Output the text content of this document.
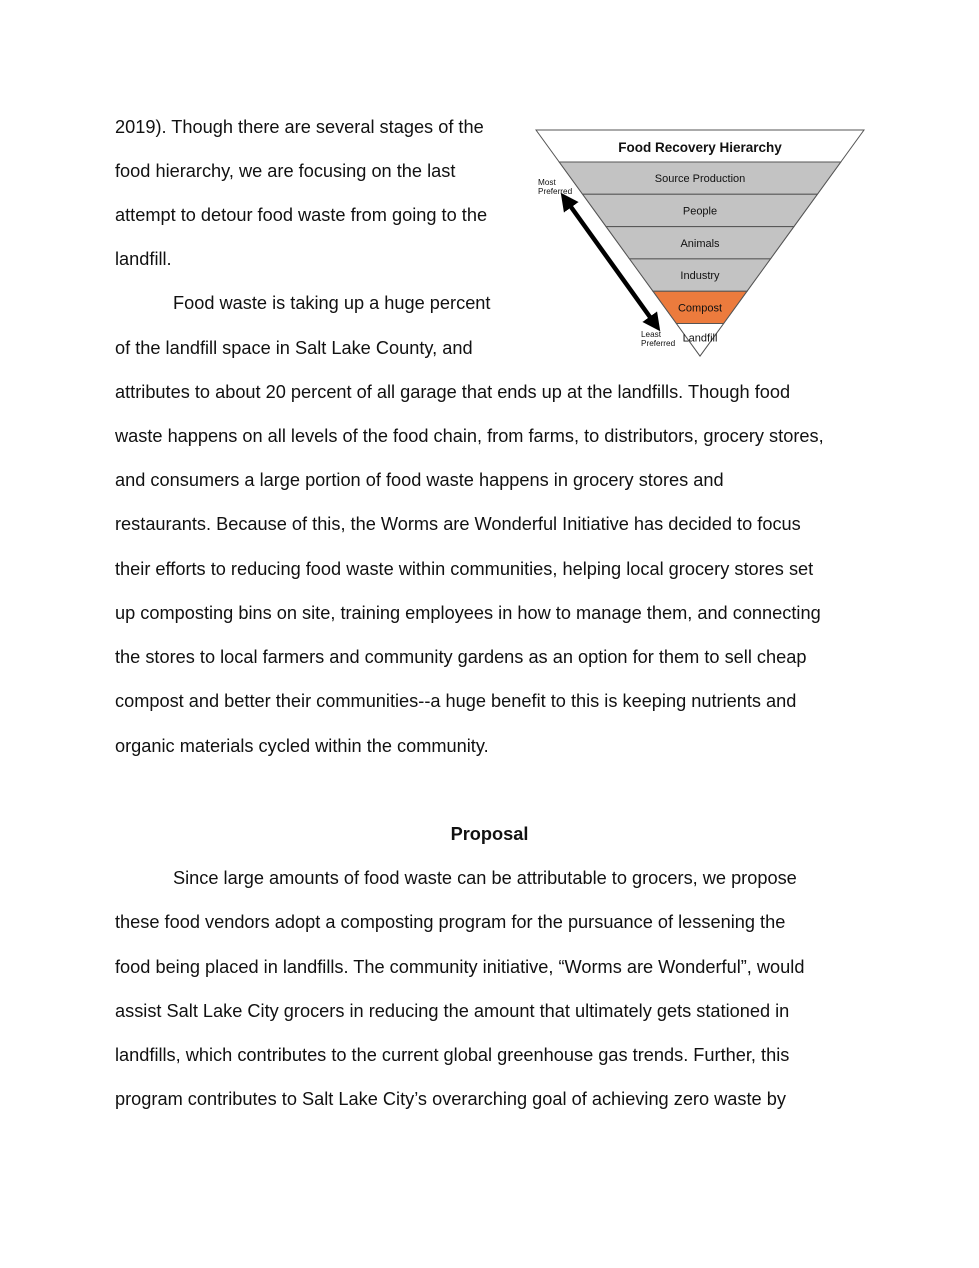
2019). Though there are several stages of the
food hierarchy, we are focusing on the last
attempt to detour food waste from going to the
landfill.
Food waste is taking up a huge percent
of the landfill space in Salt Lake County, and
attributes to about 20 percent of all garage that ends up at the landfills. Though food
waste happens on all levels of the food chain, from farms, to distributors, grocery stores,
and consumers a large portion of food waste happens in grocery stores and
restaurants. Because of this, the Worms are Wonderful Initiative has decided to focus
their efforts to reducing food waste within communities, helping local grocery stores set
up composting bins on site, training employees in how to manage them, and connecting
the stores to local farmers and community gardens as an option for them to sell cheap
compost and better their communities--a huge benefit to this is keeping nutrients and
organic materials cycled within the community.
Proposal
Since large amounts of food waste can be attributable to grocers, we propose
these food vendors adopt a composting program for the pursuance of lessening the
food being placed in landfills. The community initiative, “Worms are Wonderful”, would
assist Salt Lake City grocers in reducing the amount that ultimately gets stationed in
landfills, which contributes to the current global greenhouse gas trends. Further, this
program contributes to Salt Lake City’s overarching goal of achieving zero waste by
Food Recovery Hierarchy
Source Production
People
Animals
Industry
Compost
Landfill
Most
Preferred
Least
Preferred
